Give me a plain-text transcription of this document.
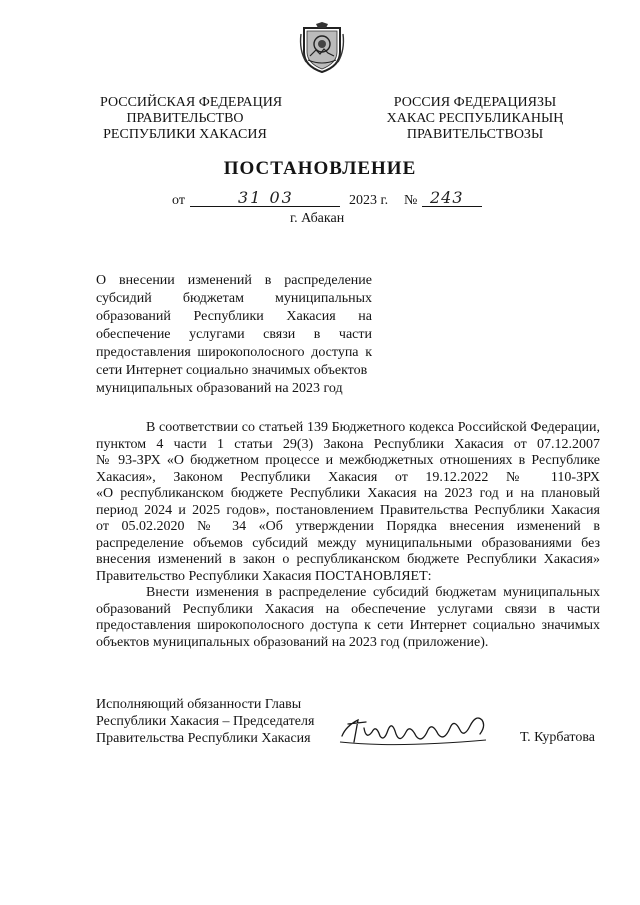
РОССИЙСКАЯ ФЕДЕРАЦИЯ
ПРАВИТЕЛЬСТВО
РЕСПУБЛИКИ ХАКАСИЯ
РОССИЯ ФЕДЕРАЦИЯЗЫ
ХАКАС РЕСПУБЛИКАНЫҢ
ПРАВИТЕЛЬСТВОЗЫ
ПОСТАНОВЛЕНИЕ
от	31 03	2023 г. № 243
г. Абакан
О внесении изменений в распределение
субсидий бюджетам муниципальных
образований Республики Хакасия на
обеспечение услугами связи в части
предоставления широкополосного доступа к
сети Интернет социально значимых объектов
муниципальных образований на 2023 год
В соответствии со статьей 139 Бюджетного кодекса Российской Федерации,
пунктом 4 части 1 статьи 29(3) Закона Республики Хакасия от 07.12.2007
№ 93-ЗРХ «О бюджетном процессе и межбюджетных отношениях в Республике
Хакасия», Законом Республики Хакасия от 19.12.2022 № 110-ЗРХ
«О республиканском бюджете Республики Хакасия на 2023 год и на плановый
период 2024 и 2025 годов», постановлением Правительства Республики Хакасия
от 05.02.2020 № 34 «Об утверждении Порядка внесения изменений в
распределение объемов субсидий между муниципальными образованиями без
внесения изменений в закон о республиканском бюджете Республики Хакасия»
Правительство Республики Хакасия ПОСТАНОВЛЯЕТ:
Внести изменения в распределение субсидий бюджетам муниципальных
образований Республики Хакасия на обеспечение услугами связи в части
предоставления широкополосного доступа к сети Интернет социально значимых
объектов муниципальных образований на 2023 год (приложение).
Исполняющий обязанности Главы
Республики Хакасия – Председателя
Правительства Республики Хакасия	Т. Курбатова
